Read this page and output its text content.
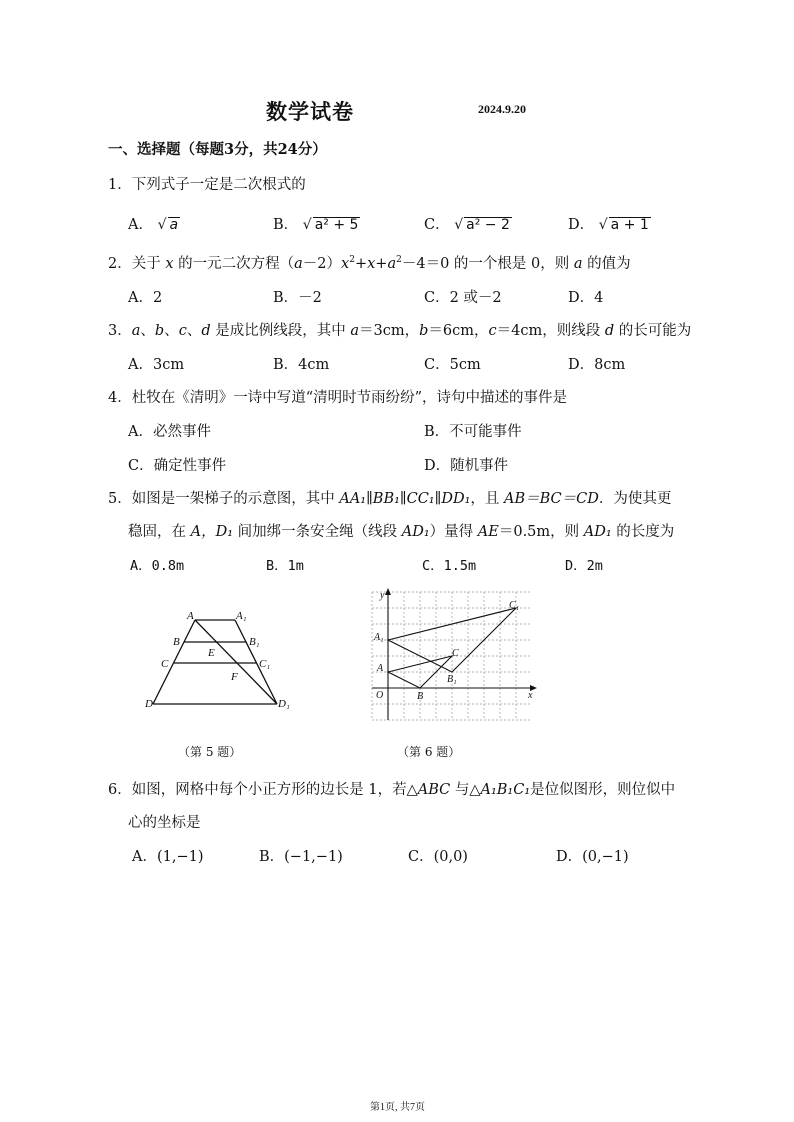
数学试卷	2024.9.20
一、选择题（每题3分，共24分）
1．下列式子一定是二次根式的
A． √ a	B． √ a² + 5	C． √ a² − 2	D． √ a + 1
2．关于 x 的一元二次方程$(a-2)x^2+x+a^2-4=0$ 的一个根是 0，则 a 的值为
A．2	B．－2	C．2 或－2	D．4
3．a、b、c、d 是成比例线段，其中 a＝3cm，b＝6cm，c＝4cm，则线段 d 的长可能为
A．3cm	B．4cm	C．5cm	D．8cm
4．杜牧在《清明》一诗中写道“清明时节雨纷纷”，诗句中描述的事件是
A．必然事件	B．不可能事件
C．确定性事件	D．随机事件
5．如图是一架梯子的示意图，其中 AA₁∥BB₁∥CC₁∥DD₁，且 AB＝BC＝CD．为使其更
稳固，在 A，D₁ 间加绑一条安全绳（线段 AD₁）量得 AE＝0.5m，则 AD₁ 的长度为
A．0.8m	B．1m	C．1.5m	D．2m
A	A₁
B	B₁
E
C	C₁
F
D	D₁
（第 5 题）
y
x
O
A
A₁
B
B₁
C
C₁
（第 6 题）
6．如图，网格中每个小正方形的边长是 1，若△ABC 与△A₁B₁C₁是位似图形，则位似中
心的坐标是
A．(1,−1)	B．(−1,−1)	C．(0,0)	D．(0,−1)
第1页, 共7页
